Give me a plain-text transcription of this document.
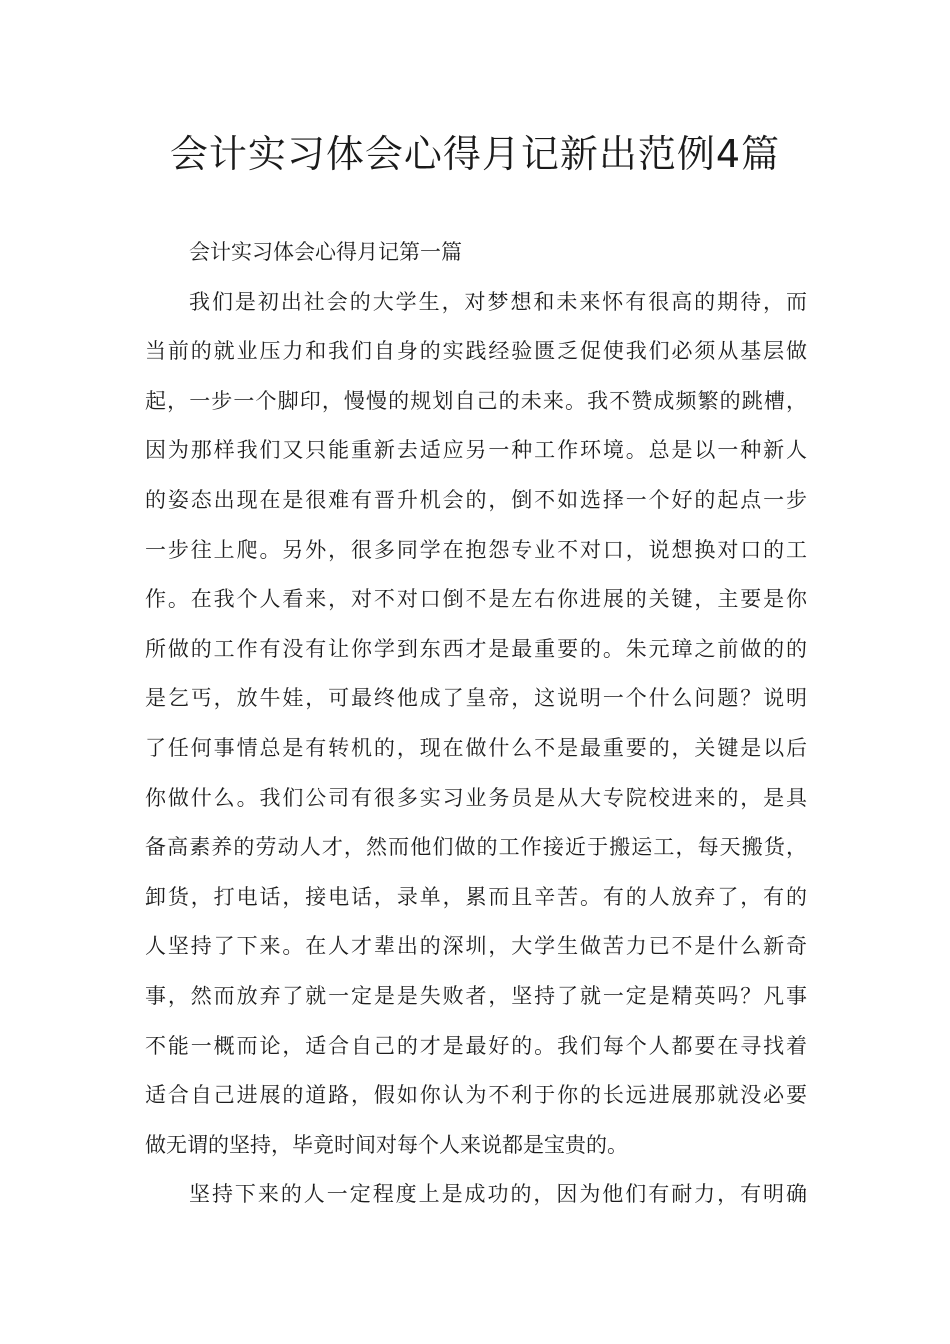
会计实习体会心得月记新出范例4篇
会计实习体会心得月记第一篇
我们是初出社会的大学生，对梦想和未来怀有很高的期待，而
当前的就业压力和我们自身的实践经验匮乏促使我们必须从基层做
起，一步一个脚印，慢慢的规划自己的未来。我不赞成频繁的跳槽，
因为那样我们又只能重新去适应另一种工作环境。总是以一种新人
的姿态出现在是很难有晋升机会的，倒不如选择一个好的起点一步
一步往上爬。另外，很多同学在抱怨专业不对口，说想换对口的工
作。在我个人看来，对不对口倒不是左右你进展的关键，主要是你
所做的工作有没有让你学到东西才是最重要的。朱元璋之前做的的
是乞丐，放牛娃，可最终他成了皇帝，这说明一个什么问题？说明
了任何事情总是有转机的，现在做什么不是最重要的，关键是以后
你做什么。我们公司有很多实习业务员是从大专院校进来的，是具
备高素养的劳动人才，然而他们做的工作接近于搬运工，每天搬货，
卸货，打电话，接电话，录单，累而且辛苦。有的人放弃了，有的
人坚持了下来。在人才辈出的深圳，大学生做苦力已不是什么新奇
事，然而放弃了就一定是是失败者，坚持了就一定是精英吗？凡事
不能一概而论，适合自己的才是最好的。我们每个人都要在寻找着
适合自己进展的道路，假如你认为不利于你的长远进展那就没必要
做无谓的坚持，毕竟时间对每个人来说都是宝贵的。
坚持下来的人一定程度上是成功的，因为他们有耐力，有明确
